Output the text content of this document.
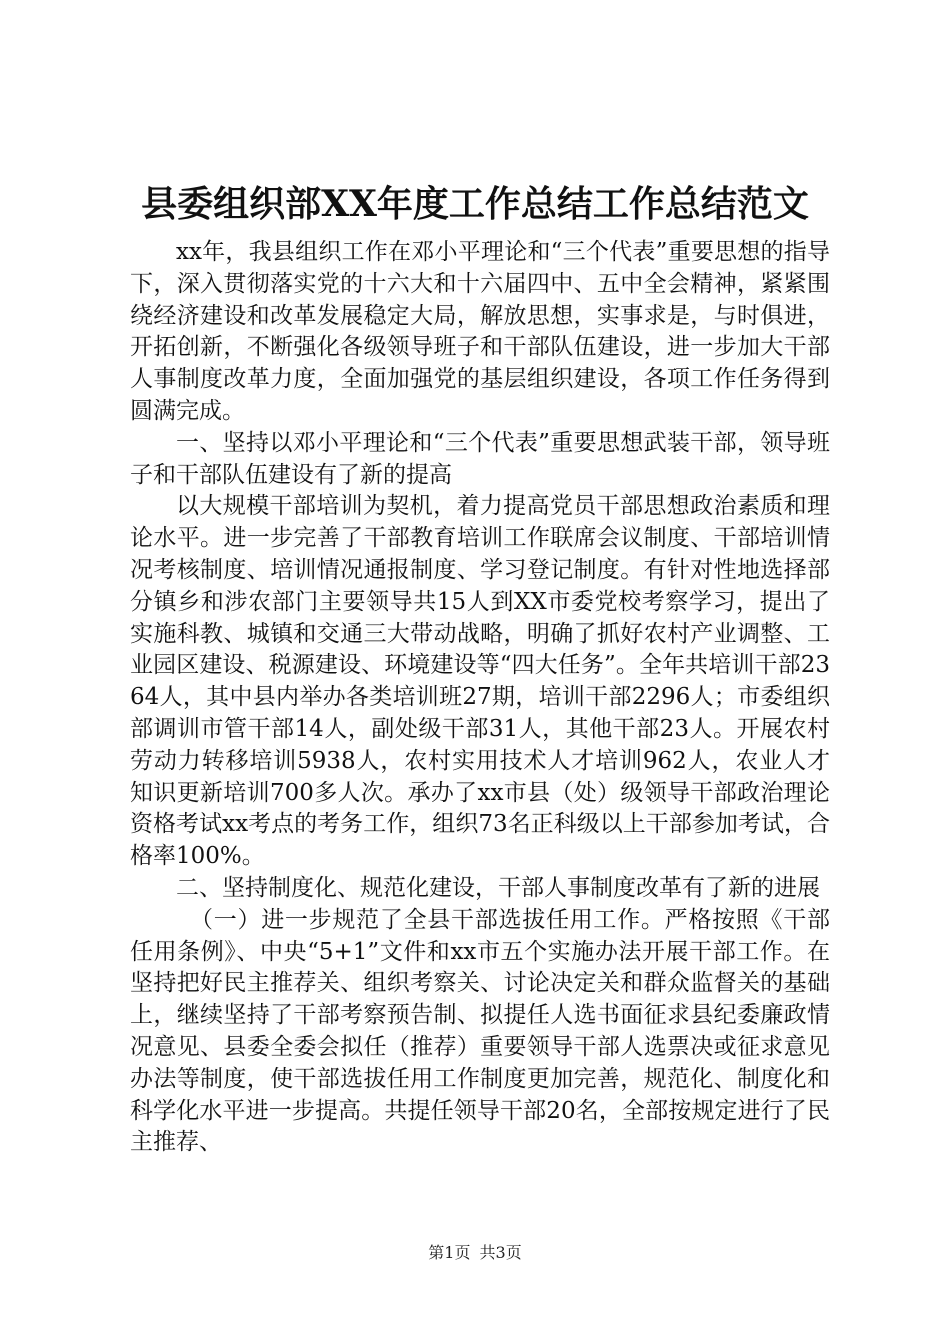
县委组织部XX年度工作总结工作总结范文

xx年，我县组织工作在邓小平理论和“三个代表”重要思想的指导下，深入贯彻落实党的十六大和十六届四中、五中全会精神，紧紧围绕经济建设和改革发展稳定大局，解放思想，实事求是，与时俱进，开拓创新，不断强化各级领导班子和干部队伍建设，进一步加大干部人事制度改革力度，全面加强党的基层组织建设，各项工作任务得到圆满完成。

一、坚持以邓小平理论和“三个代表”重要思想武装干部，领导班子和干部队伍建设有了新的提高

以大规模干部培训为契机，着力提高党员干部思想政治素质和理论水平。进一步完善了干部教育培训工作联席会议制度、干部培训情况考核制度、培训情况通报制度、学习登记制度。有针对性地选择部分镇乡和涉农部门主要领导共15人到XX市委党校考察学习，提出了实施科教、城镇和交通三大带动战略，明确了抓好农村产业调整、工业园区建设、税源建设、环境建设等“四大任务”。全年共培训干部2364人，其中县内举办各类培训班27期，培训干部2296人；市委组织部调训市管干部14人，副处级干部31人，其他干部23人。开展农村劳动力转移培训5938人，农村实用技术人才培训962人，农业人才知识更新培训700多人次。承办了xx市县（处）级领导干部政治理论资格考试xx考点的考务工作，组织73名正科级以上干部参加考试，合格率100%。

二、坚持制度化、规范化建设，干部人事制度改革有了新的进展

（一）进一步规范了全县干部选拔任用工作。严格按照《干部任用条例》、中央“5+1”文件和xx市五个实施办法开展干部工作。在坚持把好民主推荐关、组织考察关、讨论决定关和群众监督关的基础上，继续坚持了干部考察预告制、拟提任人选书面征求县纪委廉政情况意见、县委全委会拟任（推荐）重要领导干部人选票决或征求意见办法等制度，使干部选拔任用工作制度更加完善，规范化、制度化和科学化水平进一步提高。共提任领导干部20名，全部按规定进行了民主推荐、

第1页 共3页
